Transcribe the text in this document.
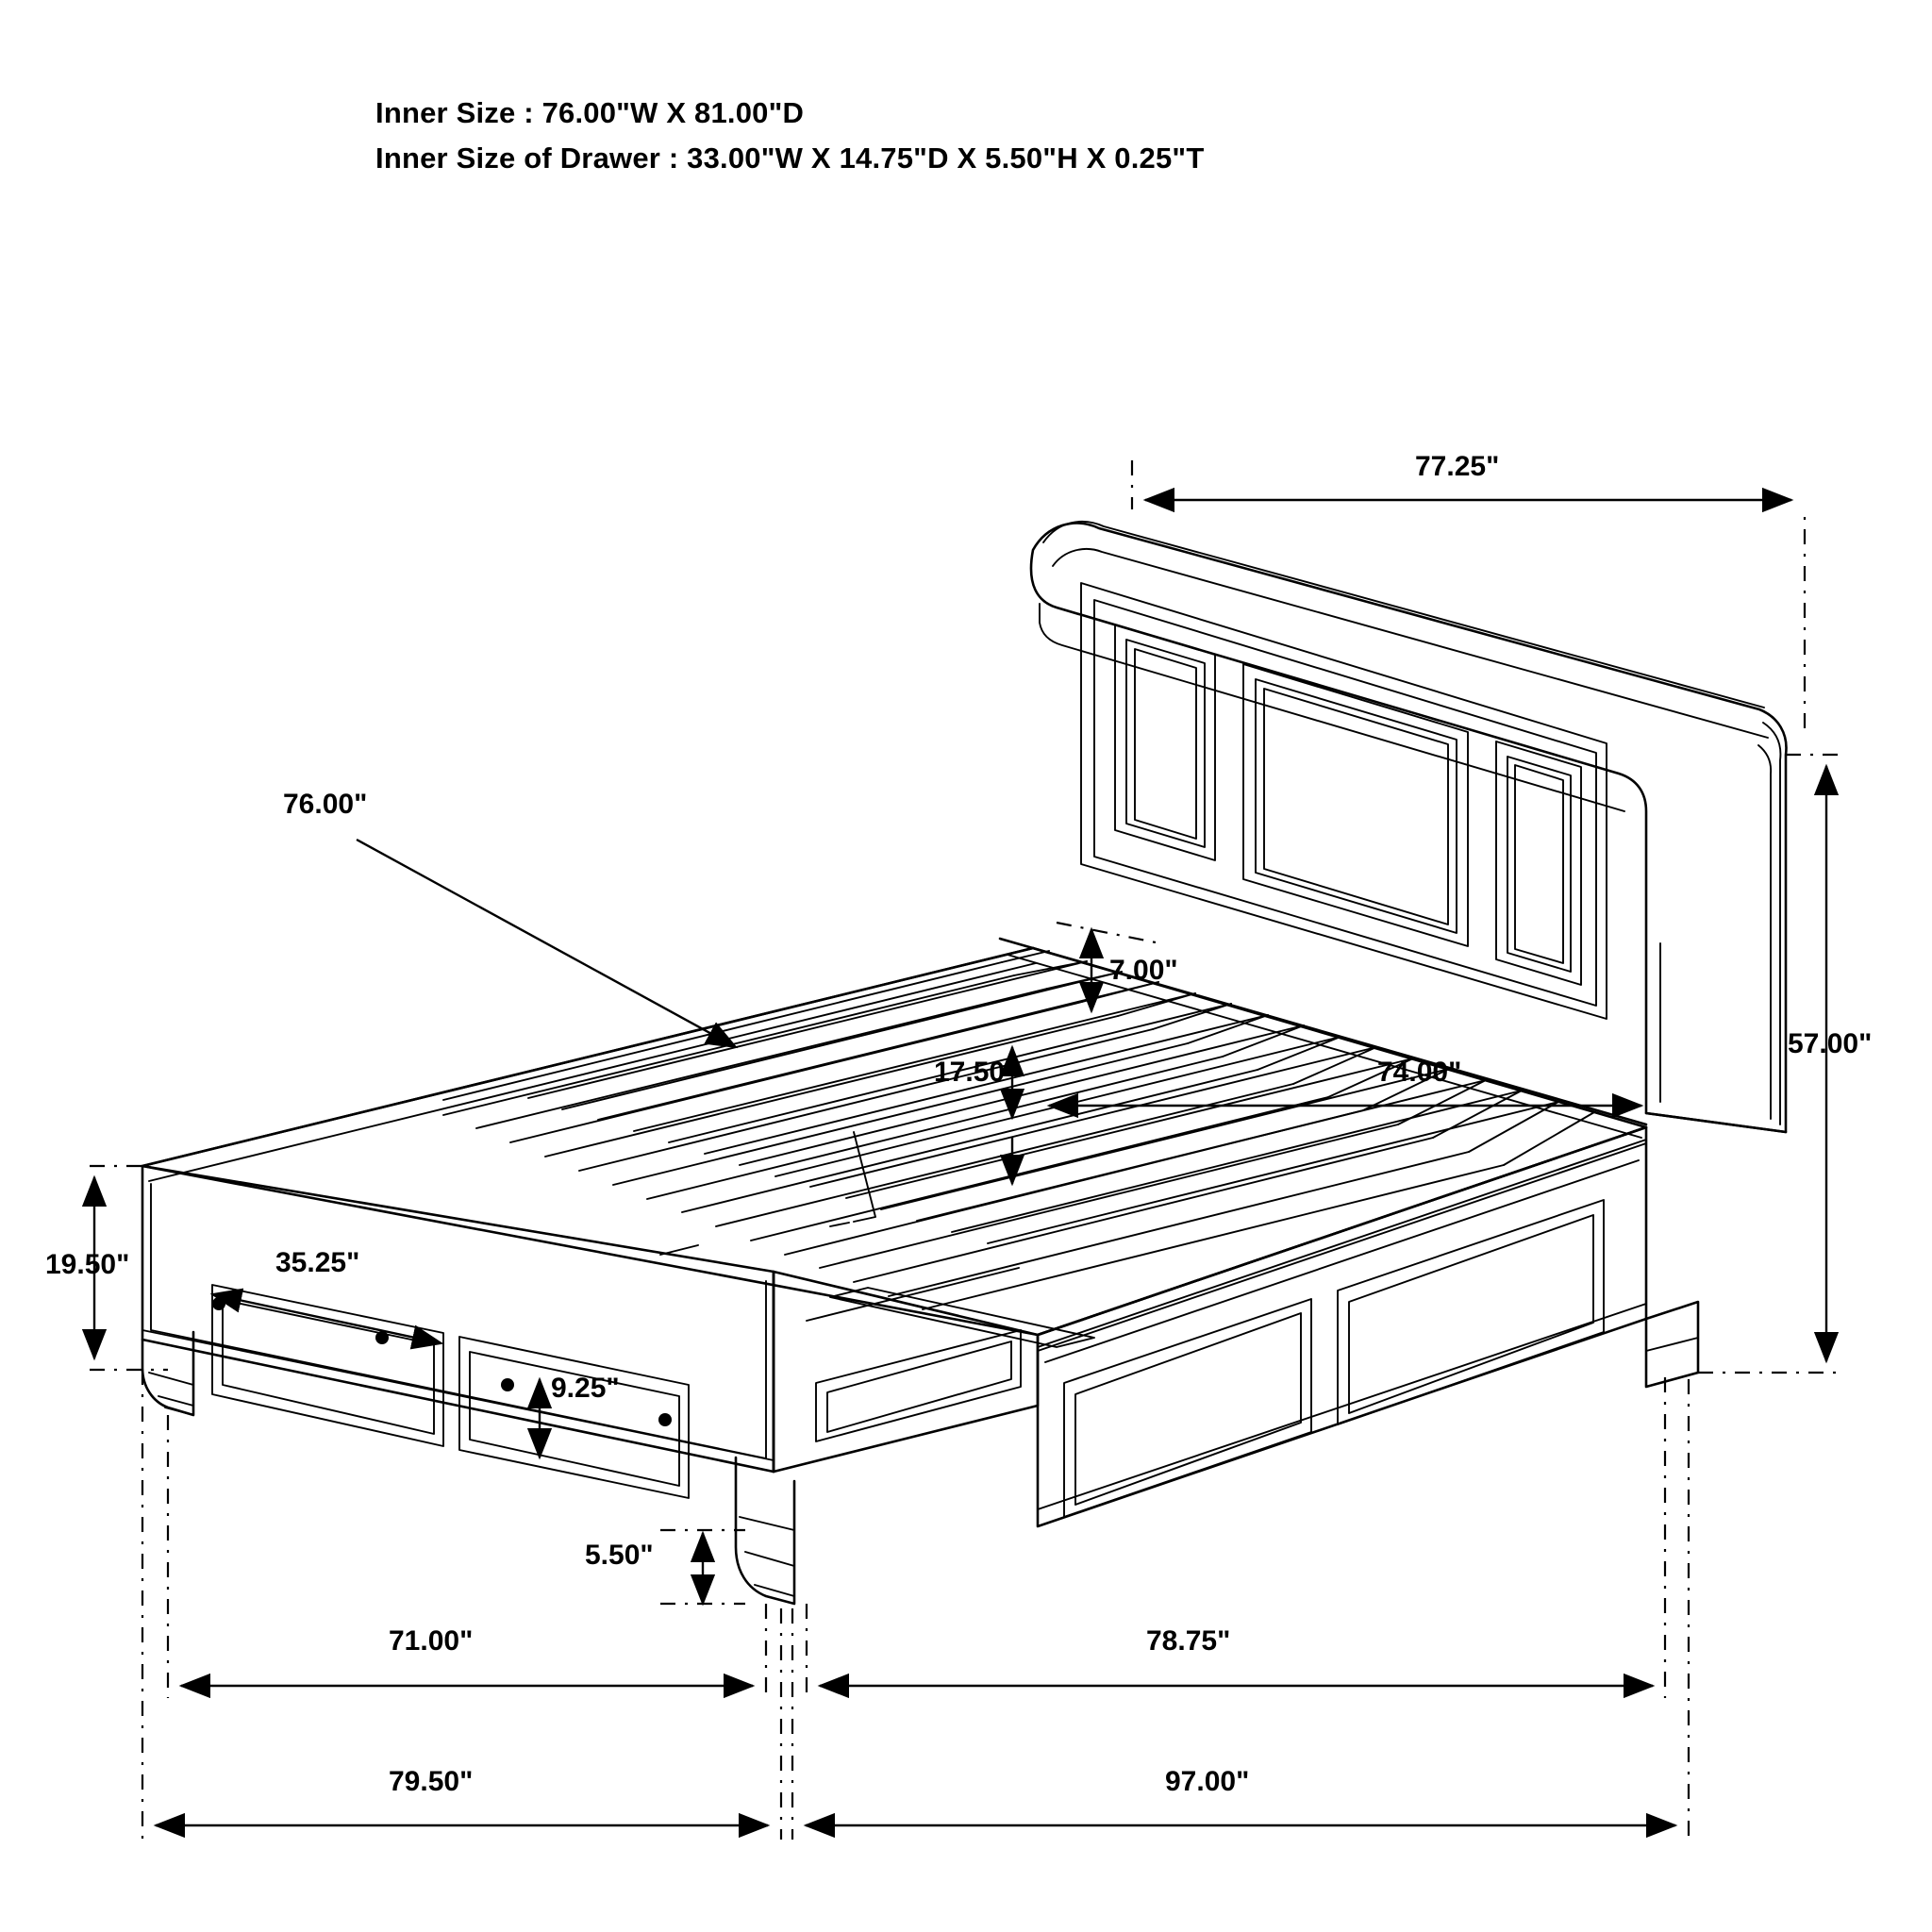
Inner Size : 76.00"W X 81.00"D
Inner Size of Drawer : 33.00"W X 14.75"D X 5.50"H X 0.25"T
77.25"
57.00"
76.00"
7.00"
17.50"	74.00"
19.50"	35.25"
9.25"
5.50"
71.00"	78.75"
79.50"	97.00"
